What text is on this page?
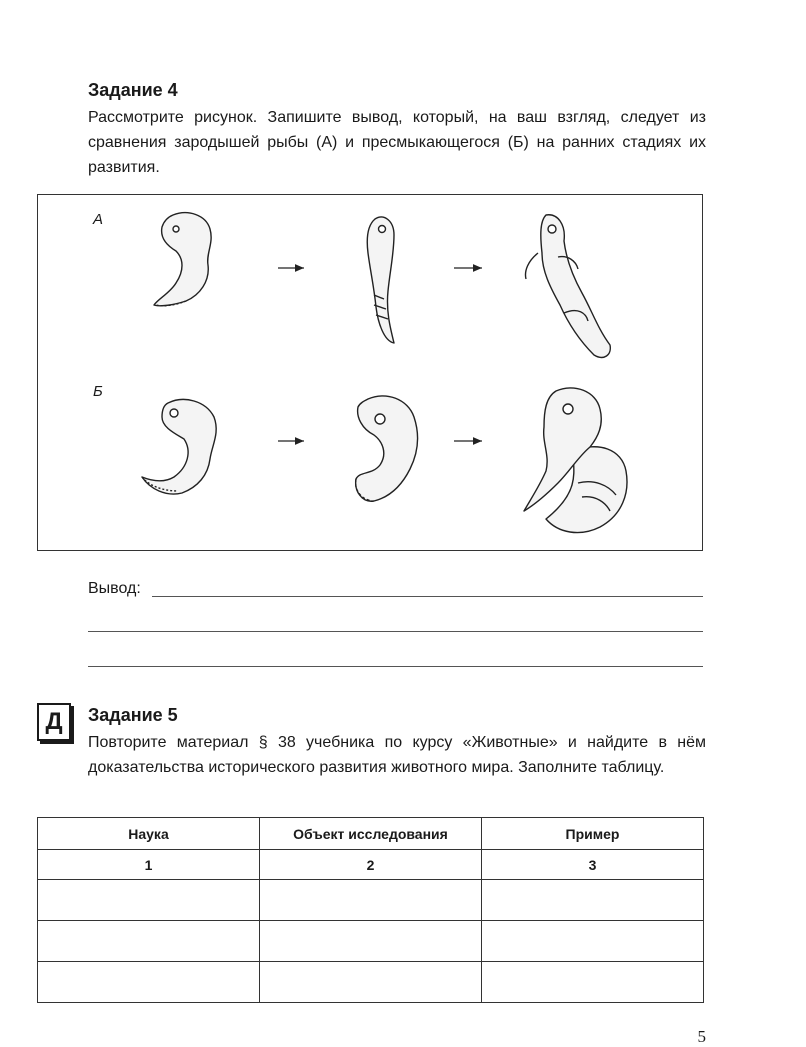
Задание 4
Рассмотрите рисунок. Запишите вывод, который, на ваш взгляд, следует из сравнения зародышей рыбы (А) и пресмыкающегося (Б) на ранних стадиях их развития.
А
Б
Вывод:
Д	Задание 5
Повторите материал § 38 учебника по курсу «Животные» и найдите в нём доказательства исторического развития животного мира. Заполните таблицу.
Наука	Объект исследования	Пример
1	2	3

5
